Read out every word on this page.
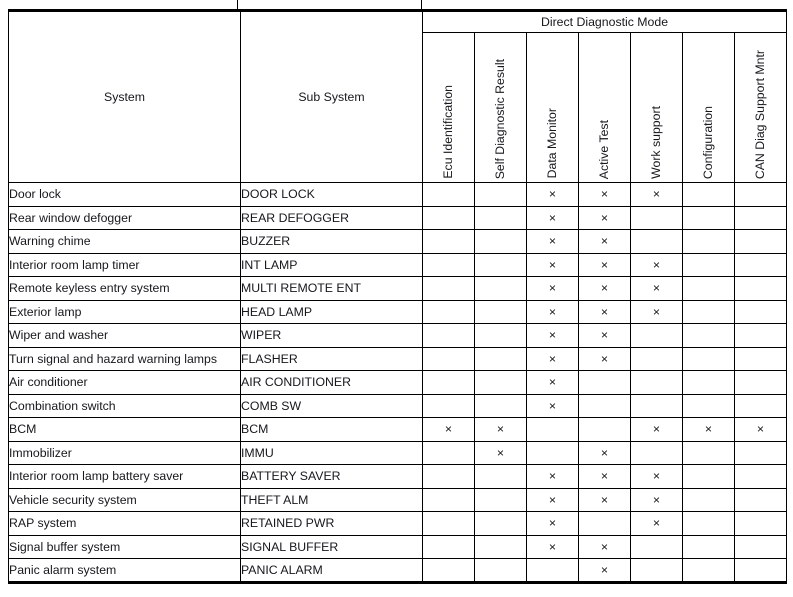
System	Sub System	Direct Diagnostic Mode						
		Ecu Identification	Self Diagnostic Result	Data Monitor	Active Test	Work support	Configuration	CAN Diag Support Mntr
Door lock	DOOR LOCK			×	×	×		
Rear window defogger	REAR DEFOGGER			×	×			
Warning chime	BUZZER			×	×			
Interior room lamp timer	INT LAMP			×	×	×		
Remote keyless entry system	MULTI REMOTE ENT			×	×	×		
Exterior lamp	HEAD LAMP			×	×	×		
Wiper and washer	WIPER			×	×			
Turn signal and hazard warning lamps	FLASHER			×	×			
Air conditioner	AIR CONDITIONER			×				
Combination switch	COMB SW			×				
BCM	BCM	×	×			×	×	×
Immobilizer	IMMU		×		×			
Interior room lamp battery saver	BATTERY SAVER			×	×	×		
Vehicle security system	THEFT ALM			×	×	×		
RAP system	RETAINED PWR			×		×		
Signal buffer system	SIGNAL BUFFER			×	×			
Panic alarm system	PANIC ALARM				×			
